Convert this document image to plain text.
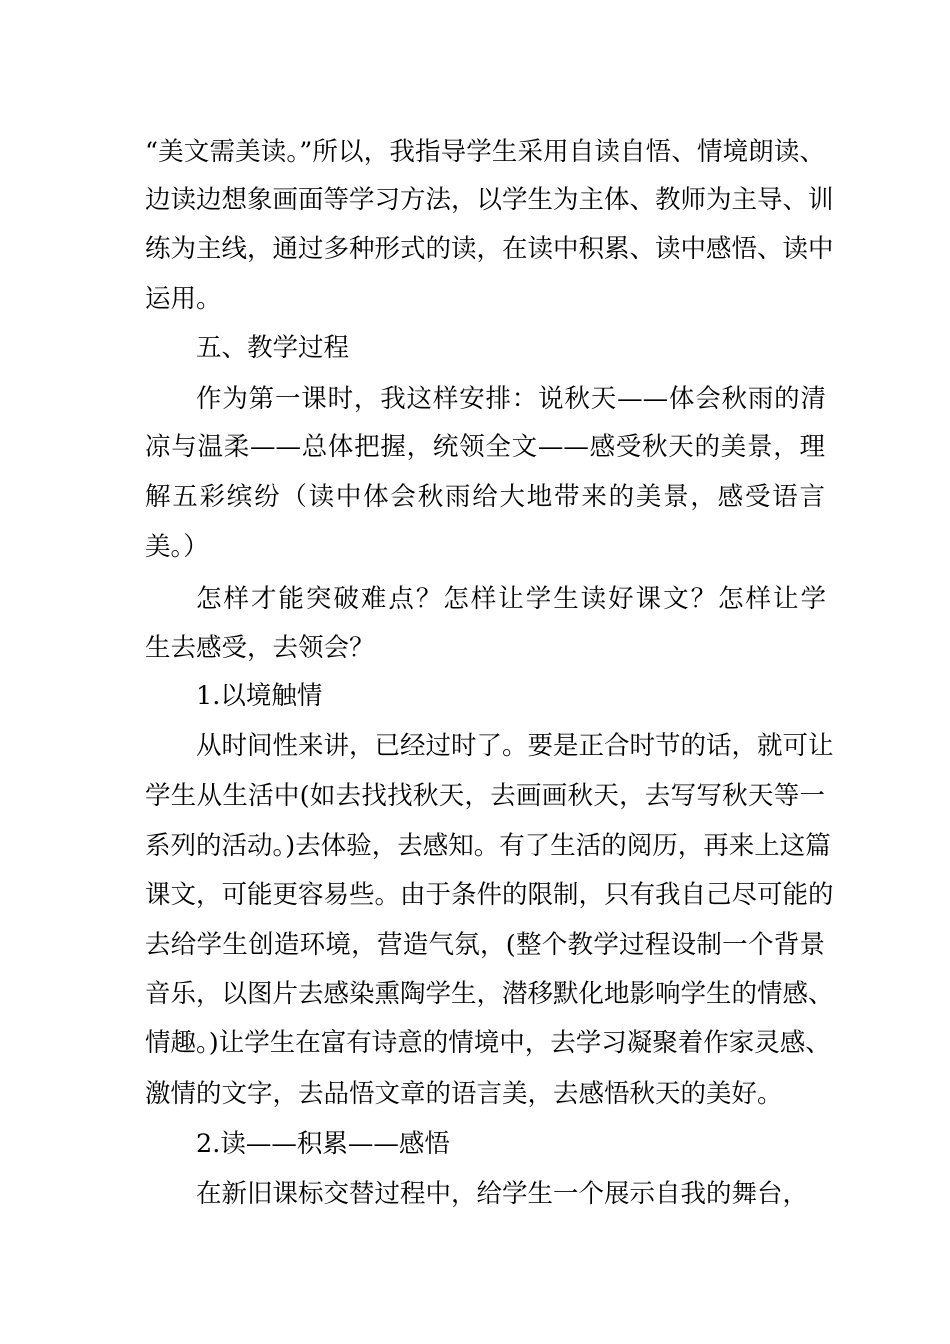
“美文需美读。”所以，我指导学生采用自读自悟、情境朗读、
边读边想象画面等学习方法，以学生为主体、教师为主导、训
练为主线，通过多种形式的读，在读中积累、读中感悟、读中
运用。
五、教学过程
作为第一课时，我这样安排：说秋天——体会秋雨的清
凉与温柔——总体把握，统领全文——感受秋天的美景，理
解五彩缤纷（读中体会秋雨给大地带来的美景，感受语言
美。）
怎样才能突破难点？怎样让学生读好课文？怎样让学
生去感受，去领会？
1.以境触情
从时间性来讲，已经过时了。要是正合时节的话，就可让
学生从生活中(如去找找秋天，去画画秋天，去写写秋天等一
系列的活动。)去体验，去感知。有了生活的阅历，再来上这篇
课文，可能更容易些。由于条件的限制，只有我自己尽可能的
去给学生创造环境，营造气氛，(整个教学过程设制一个背景
音乐，以图片去感染熏陶学生，潜移默化地影响学生的情感、
情趣。)让学生在富有诗意的情境中，去学习凝聚着作家灵感、
激情的文字，去品悟文章的语言美，去感悟秋天的美好。
2.读——积累——感悟
在新旧课标交替过程中，给学生一个展示自我的舞台，
